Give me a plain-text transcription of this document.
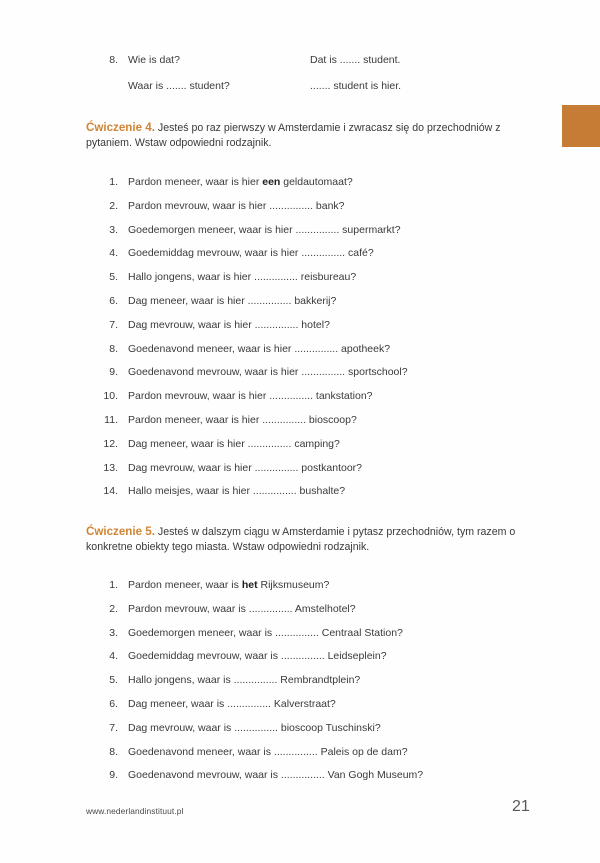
8. Wie is dat?	Dat is ....... student.
Waar is ....... student?	....... student is hier.
Ćwiczenie 4. Jesteś po raz pierwszy w Amsterdamie i zwracasz się do przechodniów z pytaniem. Wstaw odpowiedni rodzajnik.
1. Pardon meneer, waar is hier een geldautomaat?
2. Pardon mevrouw, waar is hier ............... bank?
3. Goedemorgen meneer, waar is hier ............... supermarkt?
4. Goedemiddag mevrouw, waar is hier ............... café?
5. Hallo jongens, waar is hier ............... reisbureau?
6. Dag meneer, waar is hier ............... bakkerij?
7. Dag mevrouw, waar is hier ............... hotel?
8. Goedenavond meneer, waar is hier ............... apotheek?
9. Goedenavond mevrouw, waar is hier ............... sportschool?
10. Pardon mevrouw, waar is hier ............... tankstation?
11. Pardon meneer, waar is hier ............... bioscoop?
12. Dag meneer, waar is hier ............... camping?
13. Dag mevrouw, waar is hier ............... postkantoor?
14. Hallo meisjes, waar is hier ............... bushalte?
Ćwiczenie 5. Jesteś w dalszym ciągu w Amsterdamie i pytasz przechodniów, tym razem o konkretne obiekty tego miasta. Wstaw odpowiedni rodzajnik.
1. Pardon meneer, waar is het Rijksmuseum?
2. Pardon mevrouw, waar is ............... Amstelhotel?
3. Goedemorgen meneer, waar is ............... Centraal Station?
4. Goedemiddag mevrouw, waar is ............... Leidseplein?
5. Hallo jongens, waar is ............... Rembrandtplein?
6. Dag meneer, waar is ............... Kalverstraat?
7. Dag mevrouw, waar is ............... bioscoop Tuschinski?
8. Goedenavond meneer, waar is ............... Paleis op de dam?
9. Goedenavond mevrouw, waar is ............... Van Gogh Museum?
www.nederlandinstituut.pl	21
